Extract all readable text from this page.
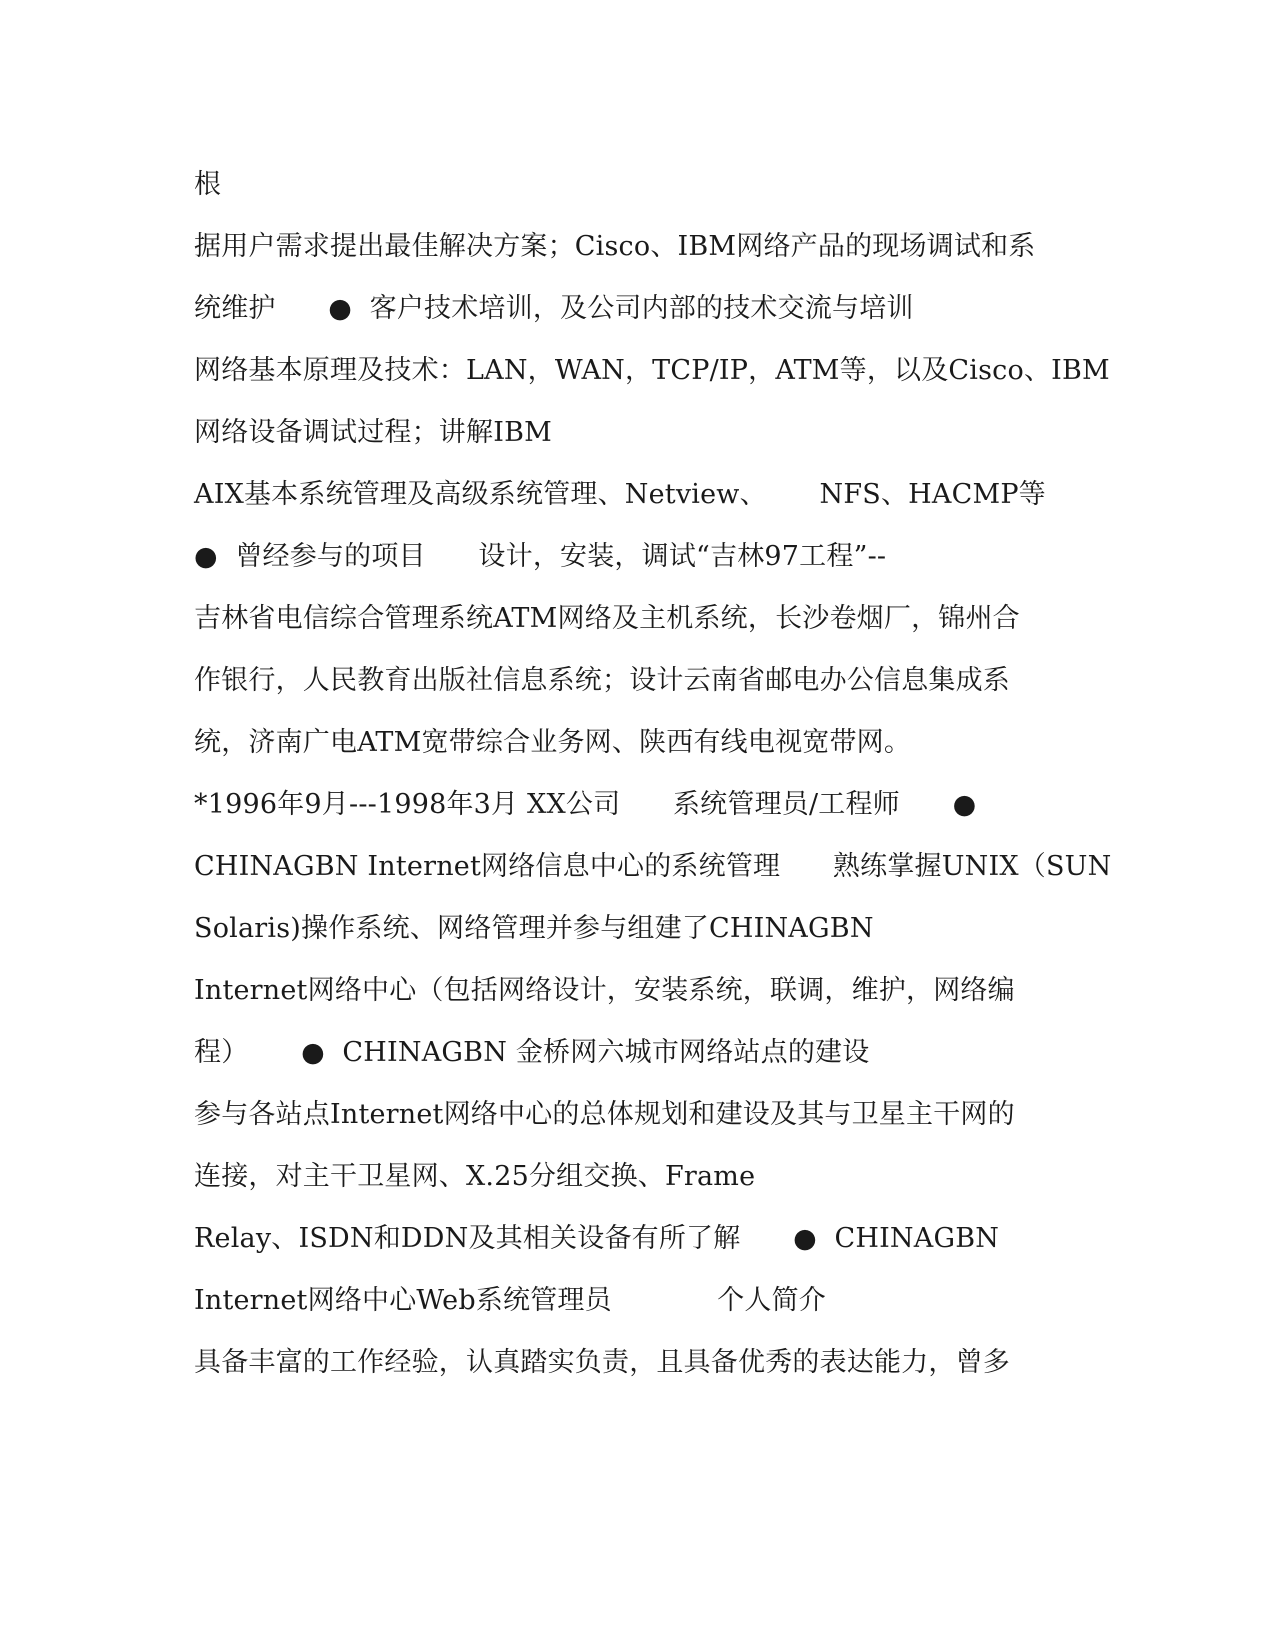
根
据用户需求提出最佳解决方案；Cisco、IBM网络产品的现场调试和系
统维护      ●  客户技术培训，及公司内部的技术交流与培训
网络基本原理及技术：LAN，WAN，TCP/IP，ATM等，以及Cisco、IBM
网络设备调试过程；讲解IBM
AIX基本系统管理及高级系统管理、Netview、      NFS、HACMP等
●  曾经参与的项目      设计，安装，调试“吉林97工程”--
吉林省电信综合管理系统ATM网络及主机系统，长沙卷烟厂，锦州合
作银行，人民教育出版社信息系统；设计云南省邮电办公信息集成系
统，济南广电ATM宽带综合业务网、陕西有线电视宽带网。
*1996年9月---1998年3月 XX公司      系统管理员/工程师      ●
CHINAGBN Internet网络信息中心的系统管理      熟练掌握UNIX（SUN
Solaris)操作系统、网络管理并参与组建了CHINAGBN
Internet网络中心（包括网络设计，安装系统，联调，维护，网络编
程）      ●  CHINAGBN 金桥网六城市网络站点的建设
参与各站点Internet网络中心的总体规划和建设及其与卫星主干网的
连接，对主干卫星网、X.25分组交换、Frame
Relay、ISDN和DDN及其相关设备有所了解      ●  CHINAGBN
Internet网络中心Web系统管理员            个人简介
具备丰富的工作经验，认真踏实负责，且具备优秀的表达能力，曾多
